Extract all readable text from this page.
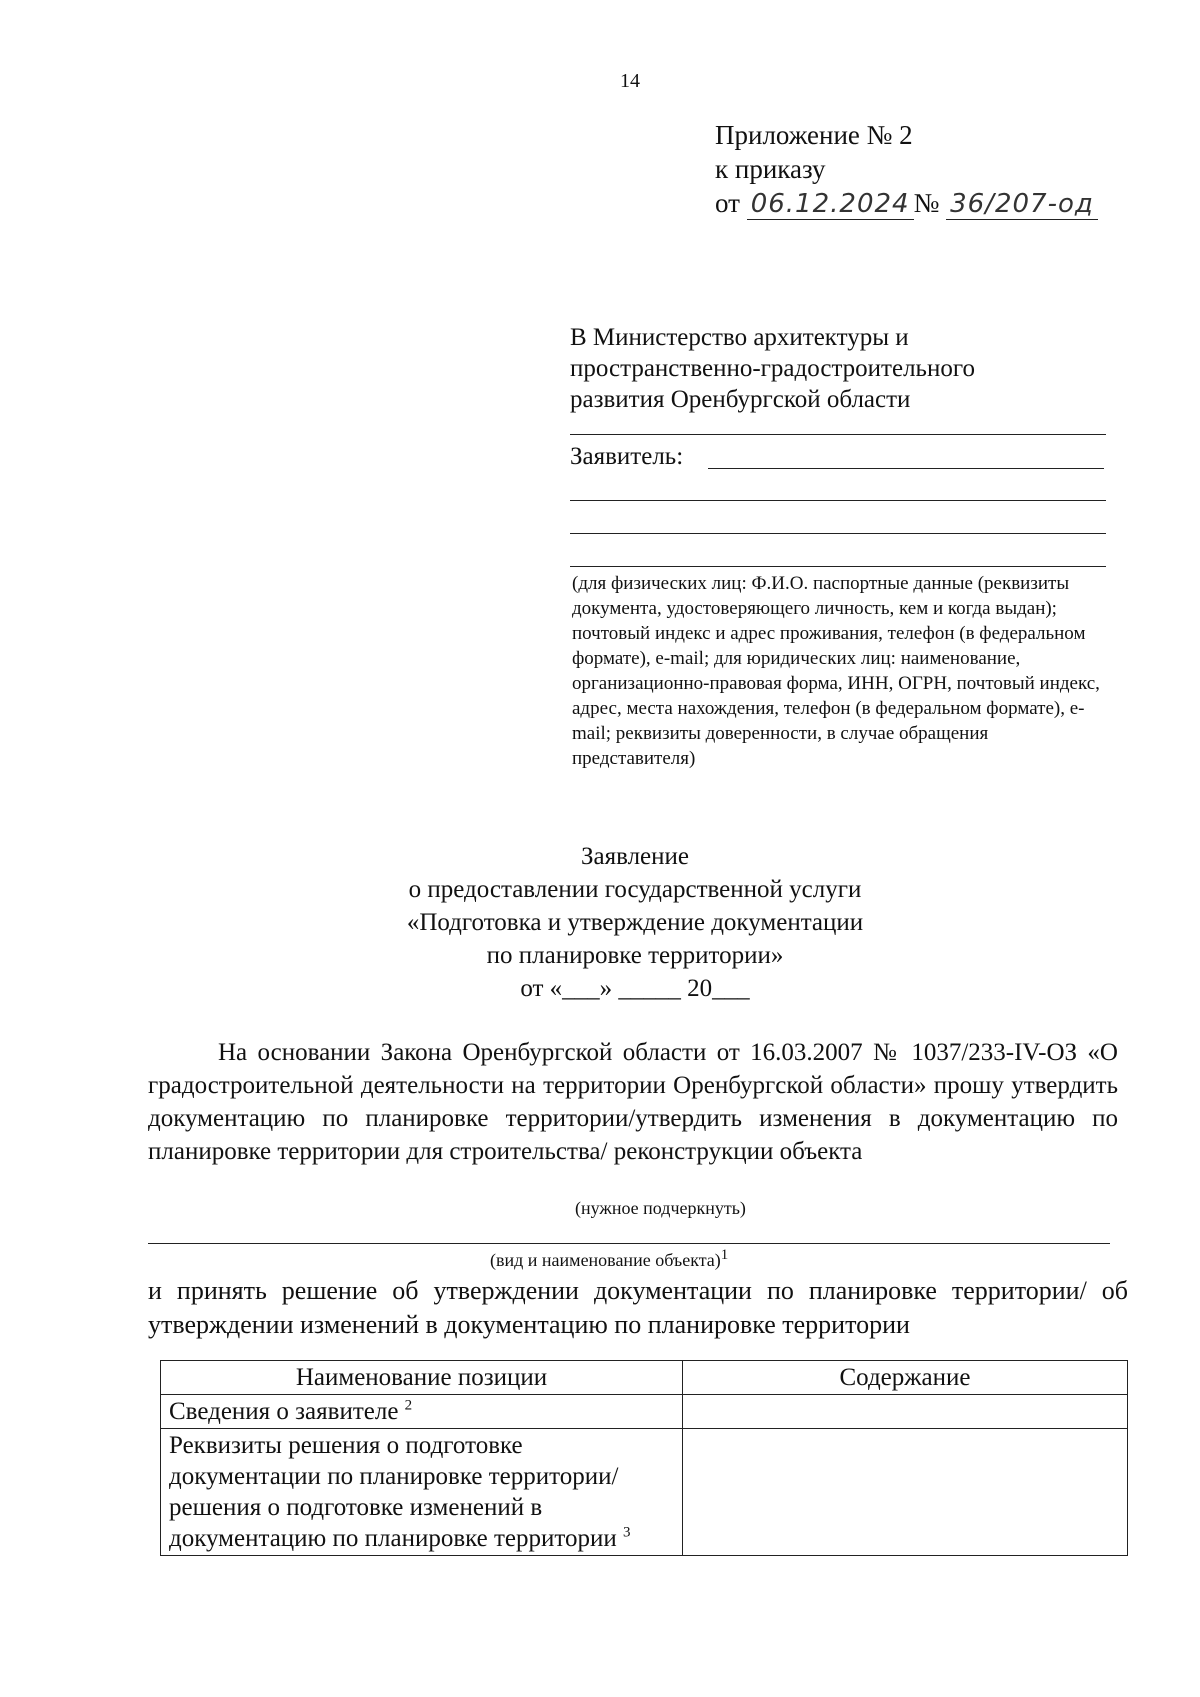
14
Приложение № 2
к приказу
от 06.12.2024 № 36/207-од
В Министерство архитектуры и
пространственно-градостроительного
развития Оренбургской области
Заявитель:
(для физических лиц: Ф.И.О. паспортные данные (реквизиты документа, удостоверяющего личность, кем и когда выдан); почтовый индекс и адрес проживания, телефон (в федеральном формате), e-mail; для юридических лиц: наименование, организационно-правовая форма, ИНН, ОГРН, почтовый индекс, адрес, места нахождения, телефон (в федеральном формате), e-mail; реквизиты доверенности, в случае обращения представителя)
Заявление
о предоставлении государственной услуги
«Подготовка и утверждение документации
по планировке территории»
от «___» _____ 20___
На основании Закона Оренбургской области от 16.03.2007 № 1037/233-IV-ОЗ «О градостроительной деятельности на территории Оренбургской области» прошу утвердить документацию по планировке территории/утвердить изменения в документацию по планировке территории для строительства/ реконструкции объекта
(нужное подчеркнуть)
(вид и наименование объекта)$^1$
и принять решение об утверждении документации по планировке территории/ об утверждении изменений в документацию по планировке территории
Наименование позиции	Содержание
Сведения о заявителе $^2$	
Реквизиты решения о подготовке документации по планировке территории/ решения о подготовке изменений в документацию по планировке территории $^3$	
